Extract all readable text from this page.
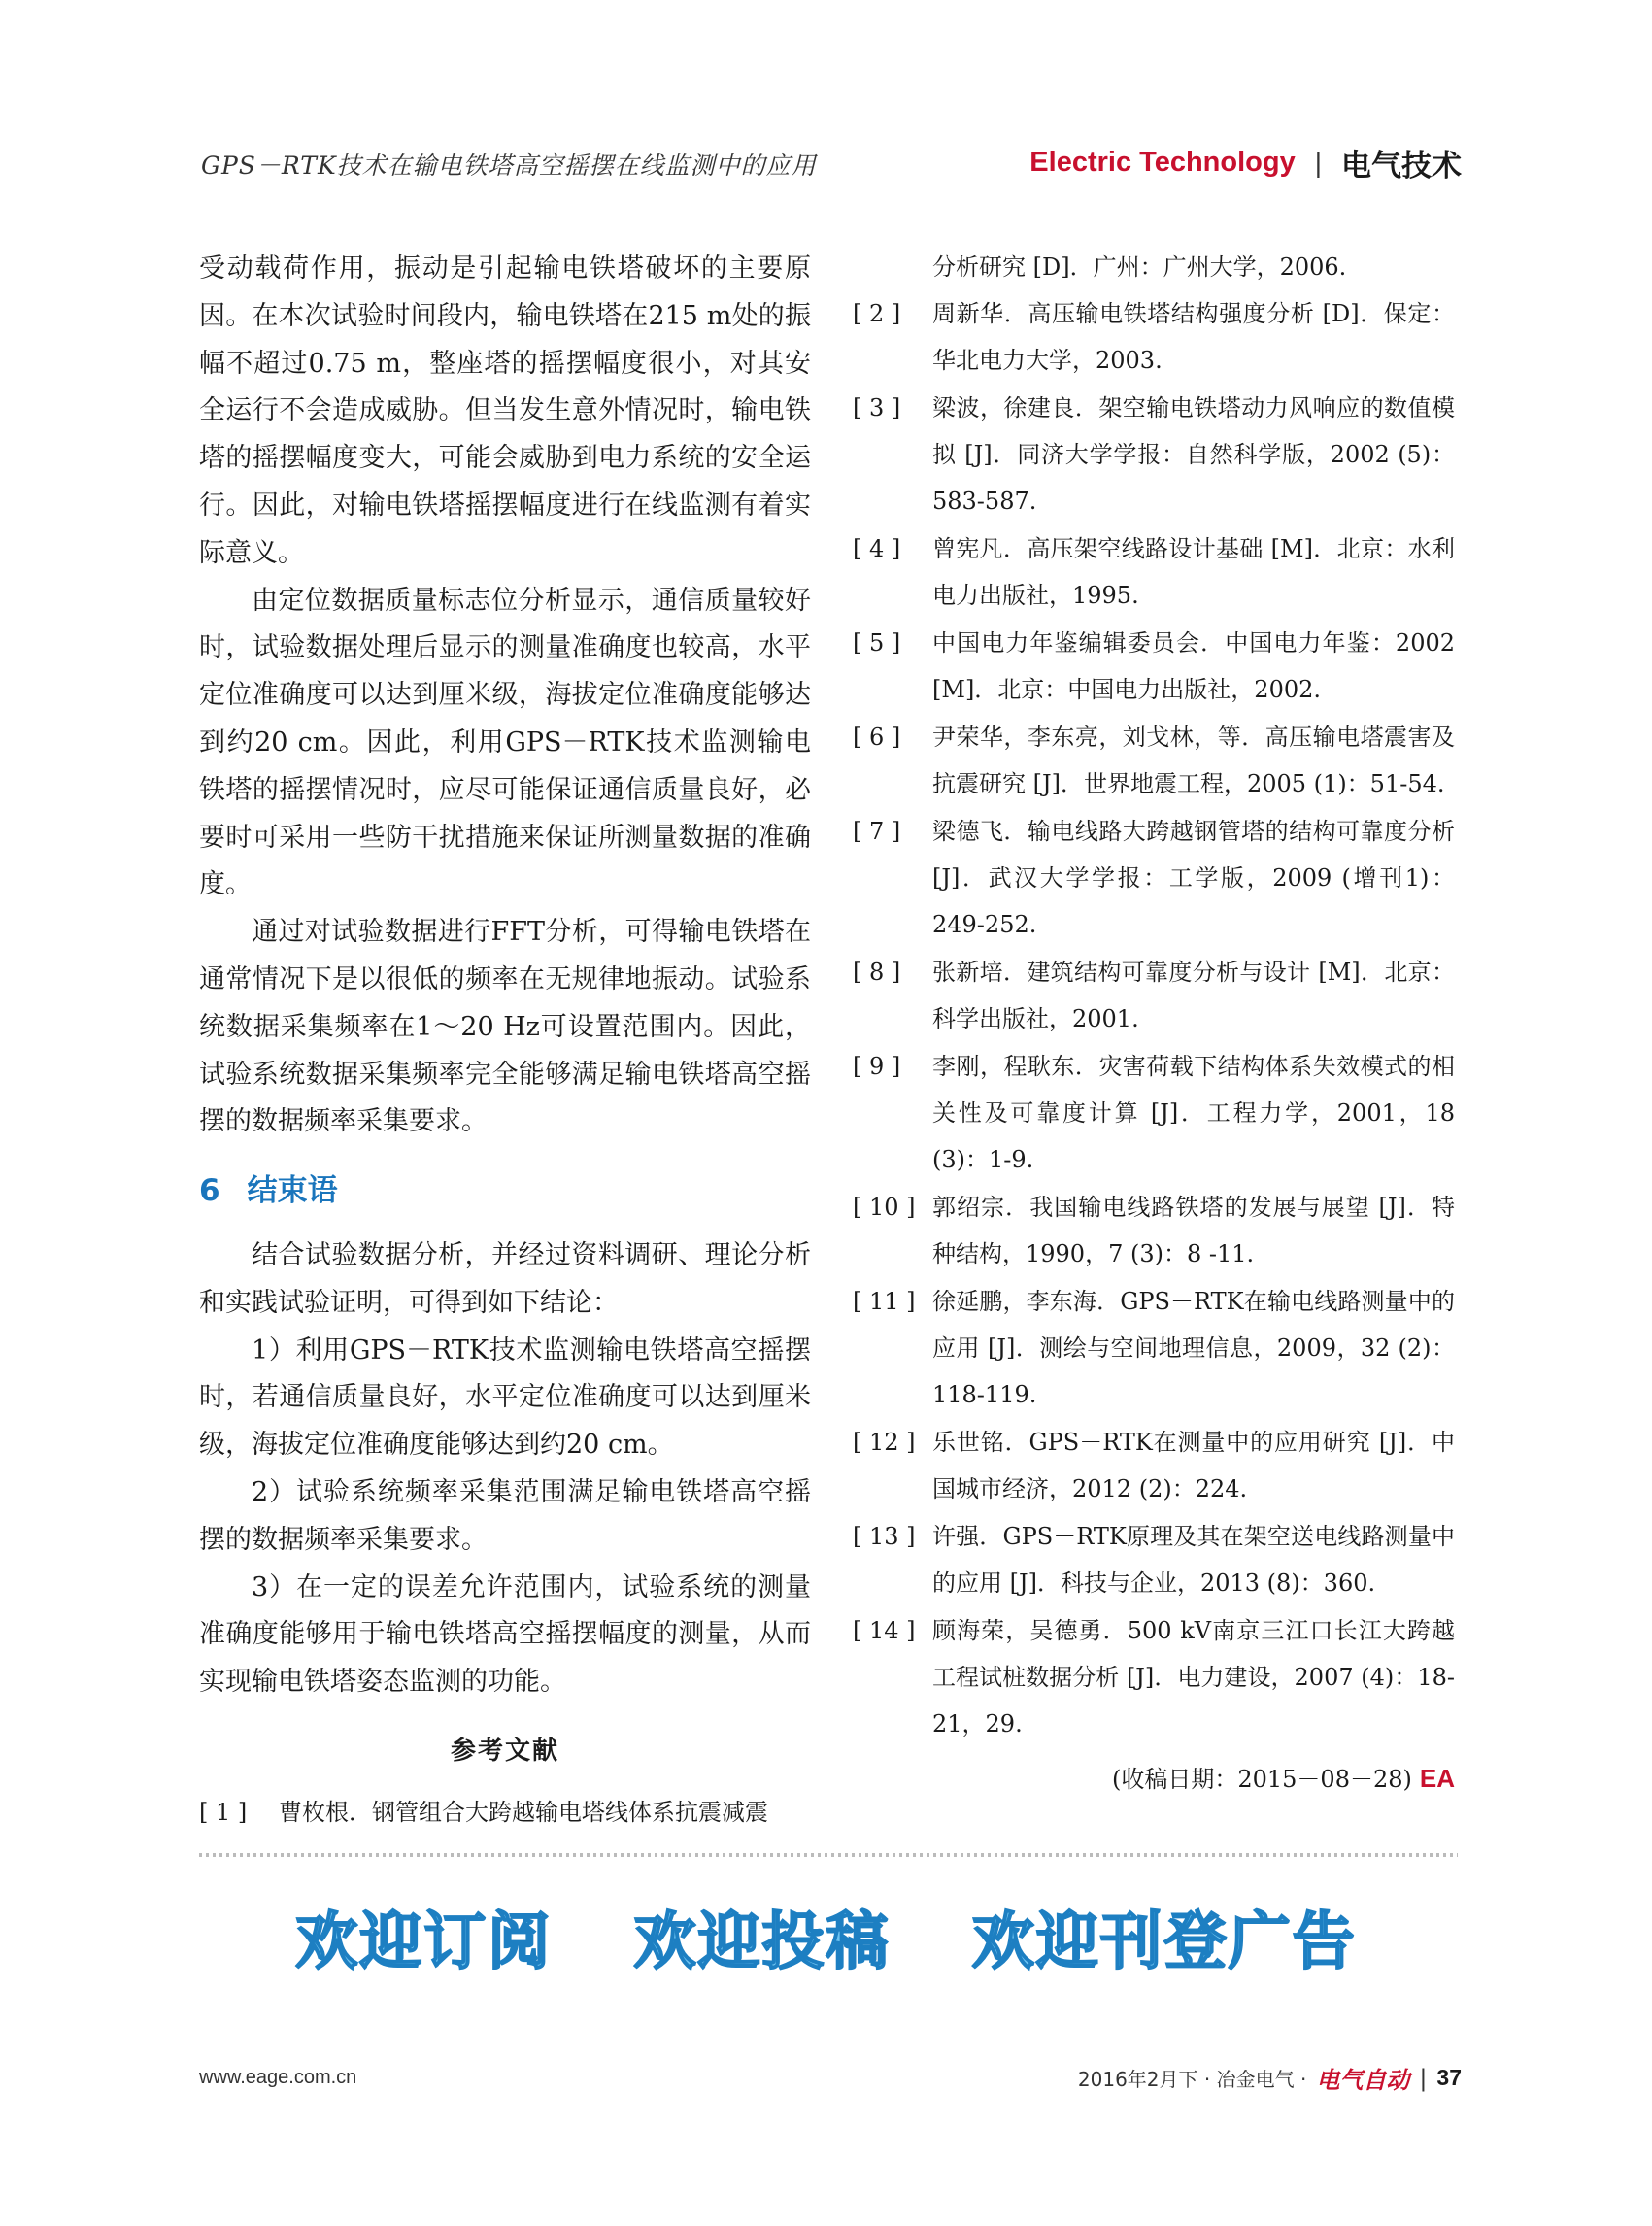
GPS－RTK技术在输电铁塔高空摇摆在线监测中的应用	Electric Technology | 电气技术

受动载荷作用，振动是引起输电铁塔破坏的主要原因。在本次试验时间段内，输电铁塔在215 m处的振幅不超过0.75 m，整座塔的摇摆幅度很小，对其安全运行不会造成威胁。但当发生意外情况时，输电铁塔的摇摆幅度变大，可能会威胁到电力系统的安全运行。因此，对输电铁塔摇摆幅度进行在线监测有着实际意义。

由定位数据质量标志位分析显示，通信质量较好时，试验数据处理后显示的测量准确度也较高，水平定位准确度可以达到厘米级，海拔定位准确度能够达到约20 cm。因此，利用GPS－RTK技术监测输电铁塔的摇摆情况时，应尽可能保证通信质量良好，必要时可采用一些防干扰措施来保证所测量数据的准确度。

通过对试验数据进行FFT分析，可得输电铁塔在通常情况下是以很低的频率在无规律地振动。试验系统数据采集频率在1～20 Hz可设置范围内。因此，试验系统数据采集频率完全能够满足输电铁塔高空摇摆的数据频率采集要求。

6 结束语

结合试验数据分析，并经过资料调研、理论分析和实践试验证明，可得到如下结论：

1）利用GPS－RTK技术监测输电铁塔高空摇摆时，若通信质量良好，水平定位准确度可以达到厘米级，海拔定位准确度能够达到约20 cm。

2）试验系统频率采集范围满足输电铁塔高空摇摆的数据频率采集要求。

3）在一定的误差允许范围内，试验系统的测量准确度能够用于输电铁塔高空摇摆幅度的测量，从而实现输电铁塔姿态监测的功能。

参考文献
[ 1 ]	曹枚根．钢管组合大跨越输电塔线体系抗震减震
分析研究 [D]．广州：广州大学，2006.
[ 2 ]	周新华．高压输电铁塔结构强度分析 [D]．保定：华北电力大学，2003.
[ 3 ]	梁波，徐建良．架空输电铁塔动力风响应的数值模拟 [J]．同济大学学报：自然科学版，2002 (5)：583-587.
[ 4 ]	曾宪凡．高压架空线路设计基础 [M]．北京：水利电力出版社，1995.
[ 5 ]	中国电力年鉴编辑委员会．中国电力年鉴：2002 [M]．北京：中国电力出版社，2002.
[ 6 ]	尹荣华，李东亮，刘戈林，等．高压输电塔震害及抗震研究 [J]．世界地震工程，2005 (1)：51-54.
[ 7 ]	梁德飞．输电线路大跨越钢管塔的结构可靠度分析 [J]．武汉大学学报：工学版，2009 (增刊1)：249-252.
[ 8 ]	张新培．建筑结构可靠度分析与设计 [M]．北京：科学出版社，2001.
[ 9 ]	李刚，程耿东．灾害荷载下结构体系失效模式的相关性及可靠度计算 [J]．工程力学，2001，18 (3)：1-9.
[ 10 ] 郭绍宗．我国输电线路铁塔的发展与展望 [J]．特种结构，1990，7 (3)：8 -11.
[ 11 ] 徐延鹏，李东海．GPS－RTK在输电线路测量中的应用 [J]．测绘与空间地理信息，2009，32 (2)：118-119.
[ 12 ] 乐世铭．GPS－RTK在测量中的应用研究 [J]．中国城市经济，2012 (2)：224.
[ 13 ] 许强．GPS－RTK原理及其在架空送电线路测量中的应用 [J]．科技与企业，2013 (8)：360.
[ 14 ] 顾海荣，吴德勇．500 kV南京三江口长江大跨越工程试桩数据分析 [J]．电力建设，2007 (4)：18-21，29.
(收稿日期：2015－08－28) EA
欢迎订阅 欢迎投稿 欢迎刊登广告
www.eage.com.cn	2016年2月下 · 冶金电气 · 电气自动 | 37
